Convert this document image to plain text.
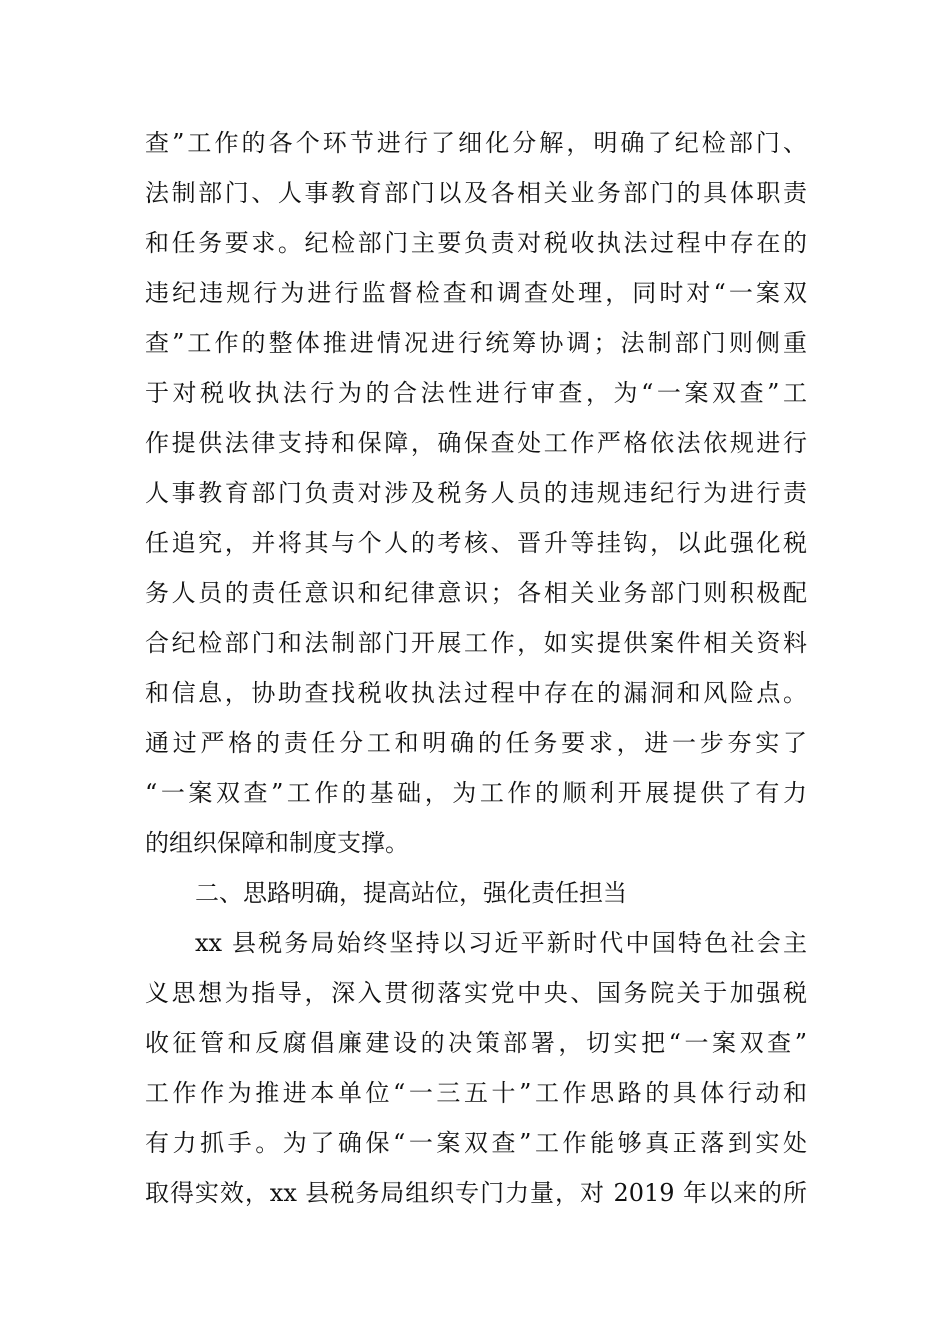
查”工作的各个环节进行了细化分解，明确了纪检部门、
法制部门、人事教育部门以及各相关业务部门的具体职责
和任务要求。纪检部门主要负责对税收执法过程中存在的
违纪违规行为进行监督检查和调查处理，同时对“一案双
查”工作的整体推进情况进行统筹协调；法制部门则侧重
于对税收执法行为的合法性进行审查，为“一案双查”工
作提供法律支持和保障，确保查处工作严格依法依规进行
人事教育部门负责对涉及税务人员的违规违纪行为进行责
任追究，并将其与个人的考核、晋升等挂钩，以此强化税
务人员的责任意识和纪律意识；各相关业务部门则积极配
合纪检部门和法制部门开展工作，如实提供案件相关资料
和信息，协助查找税收执法过程中存在的漏洞和风险点。
通过严格的责任分工和明确的任务要求，进一步夯实了
“一案双查”工作的基础，为工作的顺利开展提供了有力
的组织保障和制度支撑。
二、思路明确，提高站位，强化责任担当
xx 县税务局始终坚持以习近平新时代中国特色社会主
义思想为指导，深入贯彻落实党中央、国务院关于加强税
收征管和反腐倡廉建设的决策部署，切实把“一案双查”
工作作为推进本单位“一三五十”工作思路的具体行动和
有力抓手。为了确保“一案双查”工作能够真正落到实处
取得实效，xx 县税务局组织专门力量，对 2019 年以来的所
